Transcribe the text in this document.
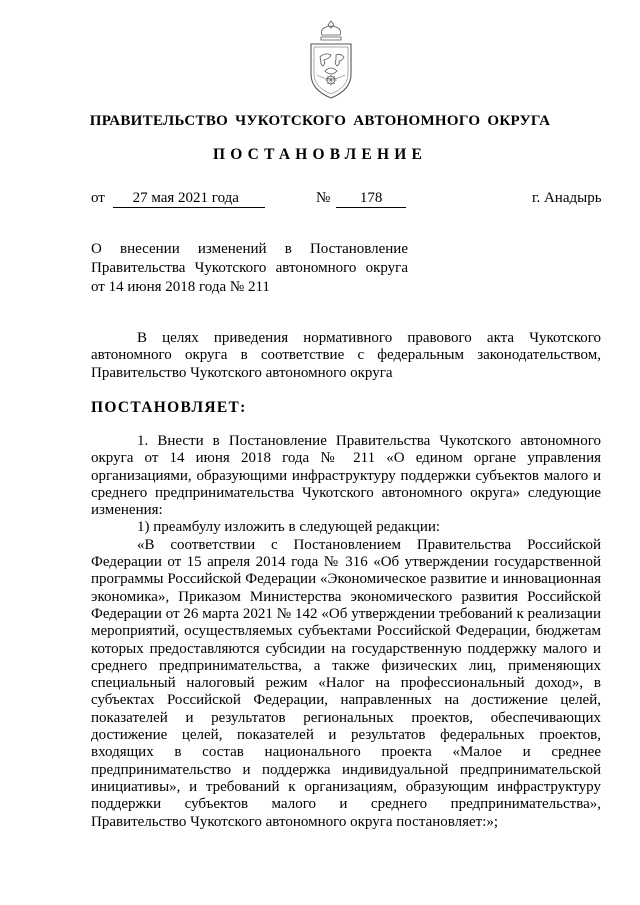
ПРАВИТЕЛЬСТВО ЧУКОТСКОГО АВТОНОМНОГО ОКРУГА
ПОСТАНОВЛЕНИЕ
от 27 мая 2021 года	№ 178	г. Анадырь
О внесении изменений в Постановление
Правительства Чукотского автономного округа
от 14 июня 2018 года № 211

В целях приведения нормативного правового акта Чукотского автономного округа в соответствие с федеральным законодательством, Правительство Чукотского автономного округа

ПОСТАНОВЛЯЕТ:

1. Внести в Постановление Правительства Чукотского автономного округа от 14 июня 2018 года № 211 «О едином органе управления организациями, образующими инфраструктуру поддержки субъектов малого и среднего предпринимательства Чукотского автономного округа» следующие изменения:

1) преамбулу изложить в следующей редакции:

«В соответствии с Постановлением Правительства Российской Федерации от 15 апреля 2014 года № 316 «Об утверждении государственной программы Российской Федерации «Экономическое развитие и инновационная экономика», Приказом Министерства экономического развития Российской Федерации от 26 марта 2021 № 142 «Об утверждении требований к реализации мероприятий, осуществляемых субъектами Российской Федерации, бюджетам которых предоставляются субсидии на государственную поддержку малого и среднего предпринимательства, а также физических лиц, применяющих специальный налоговый режим «Налог на профессиональный доход», в субъектах Российской Федерации, направленных на достижение целей, показателей и результатов региональных проектов, обеспечивающих достижение целей, показателей и результатов федеральных проектов, входящих в состав национального проекта «Малое и среднее предпринимательство и поддержка индивидуальной предпринимательской инициативы», и требований к организациям, образующим инфраструктуру поддержки субъектов малого и среднего предпринимательства», Правительство Чукотского автономного округа постановляет:»;
